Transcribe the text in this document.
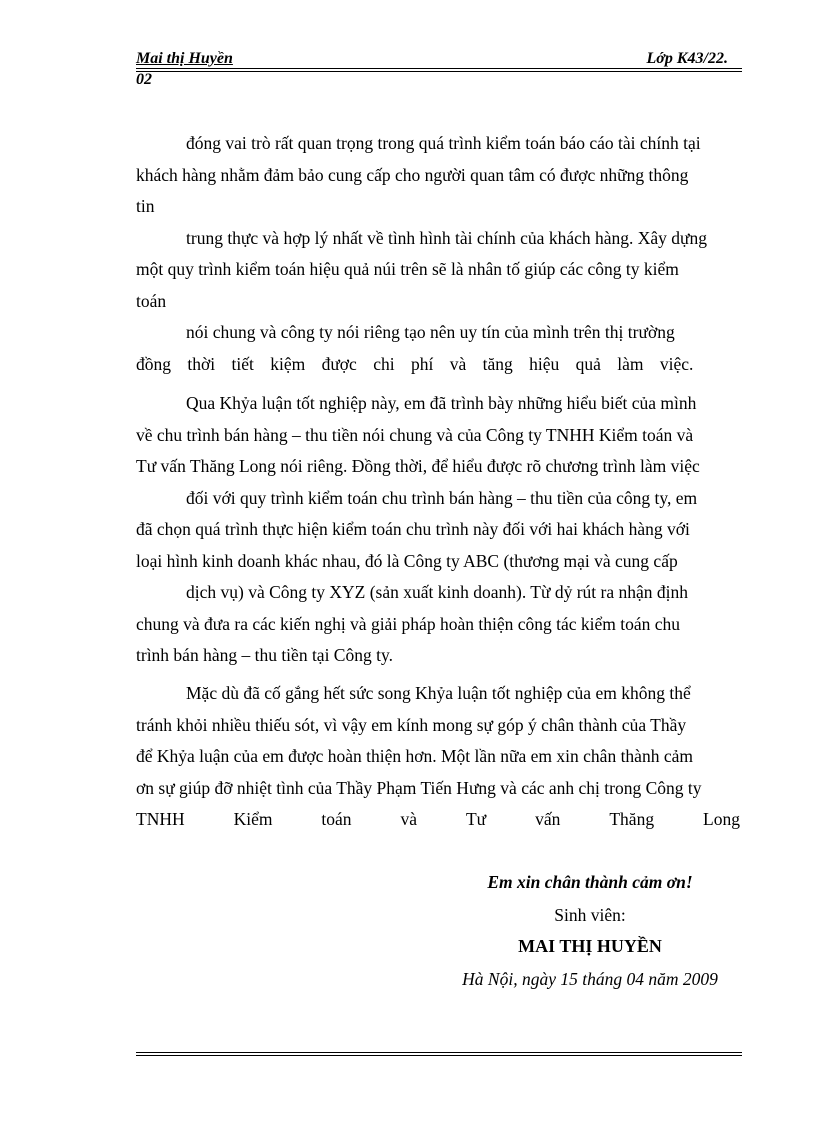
Mai thị Huyền	Lớp K43/22.
02
đóng vai trò rất quan trọng trong quá trình kiểm toán báo cáo tài chính tại
khách hàng nhằm đảm bảo cung cấp cho người quan tâm có được những thông
tin
trung thực và hợp lý nhất về tình hình tài chính của khách hàng. Xây dựng
một quy trình kiểm toán hiệu quả núi trên sẽ là nhân tố giúp các công ty kiểm
toán
nói chung và công ty nói riêng tạo nên uy tín của mình trên thị trường
đồng thời tiết kiệm được chi phí và tăng hiệu quả làm việc.
Qua Khỷa luận tốt nghiệp này, em đã trình bày những hiểu biết của mình
về chu trình bán hàng – thu tiền nói chung và của Công ty TNHH Kiểm toán và
Tư vấn Thăng Long nói riêng. Đồng thời, để hiểu được rõ chương trình làm việc
đối với quy trình kiểm toán chu trình bán hàng – thu tiền của công ty, em
đã chọn quá trình thực hiện kiểm toán chu trình này đối với hai khách hàng với
loại hình kinh doanh khác nhau, đó là Công ty ABC (thương mại và cung cấp
dịch vụ) và Công ty XYZ (sản xuất kinh doanh). Từ dỷ rút ra nhận định
chung và đưa ra các kiến nghị và giải pháp hoàn thiện công tác kiểm toán chu
trình bán hàng – thu tiền tại Công ty.
Mặc dù đã cố gắng hết sức song Khỷa luận tốt nghiệp của em không thể
tránh khỏi nhiều thiếu sót, vì vậy em kính mong sự góp ý chân thành của Thầy
để Khỷa luận của em được hoàn thiện hơn. Một lần nữa em xin chân thành cảm
ơn sự giúp đỡ nhiệt tình của Thầy Phạm Tiến Hưng và các anh chị trong Công ty
TNHH	Kiểm	toán	và	Tư	vấn	Thăng	Long
Em xin chân thành cảm ơn!
Sinh viên:
MAI THỊ HUYỀN
Hà Nội, ngày 15 tháng 04 năm 2009
